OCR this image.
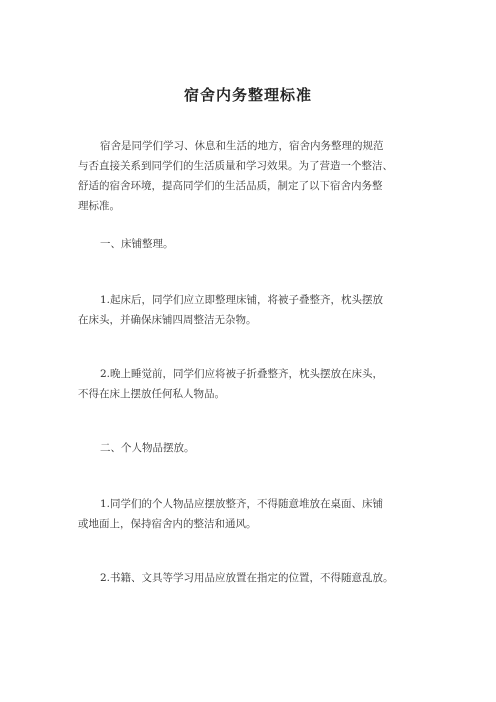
宿舍内务整理标准
宿舍是同学们学习、休息和生活的地方，宿舍内务整理的规范
与否直接关系到同学们的生活质量和学习效果。为了营造一个整洁、
舒适的宿舍环境，提高同学们的生活品质，制定了以下宿舍内务整
理标准。
一、床铺整理。
1.起床后，同学们应立即整理床铺，将被子叠整齐，枕头摆放
在床头，并确保床铺四周整洁无杂物。
2.晚上睡觉前，同学们应将被子折叠整齐，枕头摆放在床头，
不得在床上摆放任何私人物品。
二、个人物品摆放。
1.同学们的个人物品应摆放整齐，不得随意堆放在桌面、床铺
或地面上，保持宿舍内的整洁和通风。
2.书籍、文具等学习用品应放置在指定的位置，不得随意乱放。
